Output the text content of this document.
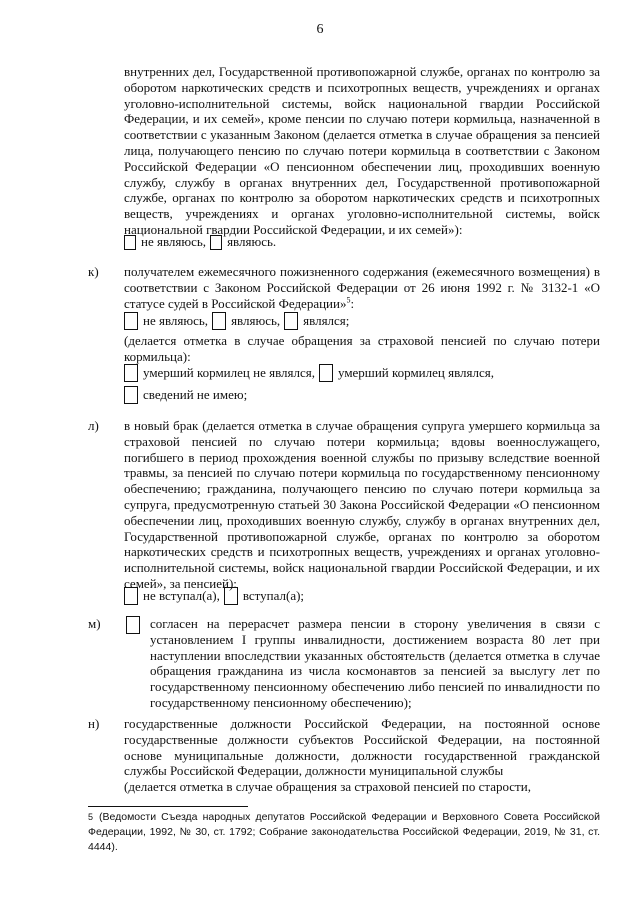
6

внутренних дел, Государственной противопожарной службе, органах по контролю за оборотом наркотических средств и психотропных веществ, учреждениях и органах уголовно-исполнительной системы, войск национальной гвардии Российской Федерации, и их семей», кроме пенсии по случаю потери кормильца, назначенной в соответствии с указанным Законом (делается отметка в случае обращения за пенсией лица, получающего пенсию по случаю потери кормильца в соответствии с Законом Российской Федерации «О пенсионном обеспечении лиц, проходивших военную службу, службу в органах внутренних дел, Государственной противопожарной службе, органах по контролю за оборотом наркотических средств и психотропных веществ, учреждениях и органах уголовно-исполнительной системы, войск национальной гвардии Российской Федерации, и их семей»):

не являюсь, являюсь.
к) получателем ежемесячного пожизненного содержания (ежемесячного возмещения) в соответствии с Законом Российской Федерации от 26 июня 1992 г. № 3132-1 «О статусе судей в Российской Федерации»$^5$:

не являюсь, являюсь, являлся;

(делается отметка в случае обращения за страховой пенсией по случаю потери кормильца):

умерший кормилец не являлся, умерший кормилец являлся,
сведений не имею;
л) в новый брак (делается отметка в случае обращения супруга умершего кормильца за страховой пенсией по случаю потери кормильца; вдовы военнослужащего, погибшего в период прохождения военной службы по призыву вследствие военной травмы, за пенсией по случаю потери кормильца по государственному пенсионному обеспечению; гражданина, получающего пенсию по случаю потери кормильца за супруга, предусмотренную статьей 30 Закона Российской Федерации «О пенсионном обеспечении лиц, проходивших военную службу, службу в органах внутренних дел, Государственной противопожарной службе, органах по контролю за оборотом наркотических средств и психотропных веществ, учреждениях и органах уголовно-исполнительной системы, войск национальной гвардии Российской Федерации, и их семей», за пенсией):

не вступал(а), вступал(а);
м)	согласен на перерасчет размера пенсии в сторону увеличения в связи с установлением I группы инвалидности, достижением возраста 80 лет при наступлении впоследствии указанных обстоятельств (делается отметка в случае обращения гражданина из числа космонавтов за пенсией за выслугу лет по государственному пенсионному обеспечению либо пенсией по инвалидности по государственному пенсионному обеспечению);

н) государственные должности Российской Федерации, на постоянной основе государственные должности субъектов Российской Федерации, на постоянной основе муниципальные должности, должности государственной гражданской службы Российской Федерации, должности муниципальной службы

(делается отметка в случае обращения за страховой пенсией по старости,

5 (Ведомости Съезда народных депутатов Российской Федерации и Верховного Совета Российской Федерации, 1992, № 30, ст. 1792; Собрание законодательства Российской Федерации, 2019, № 31, ст. 4444).
